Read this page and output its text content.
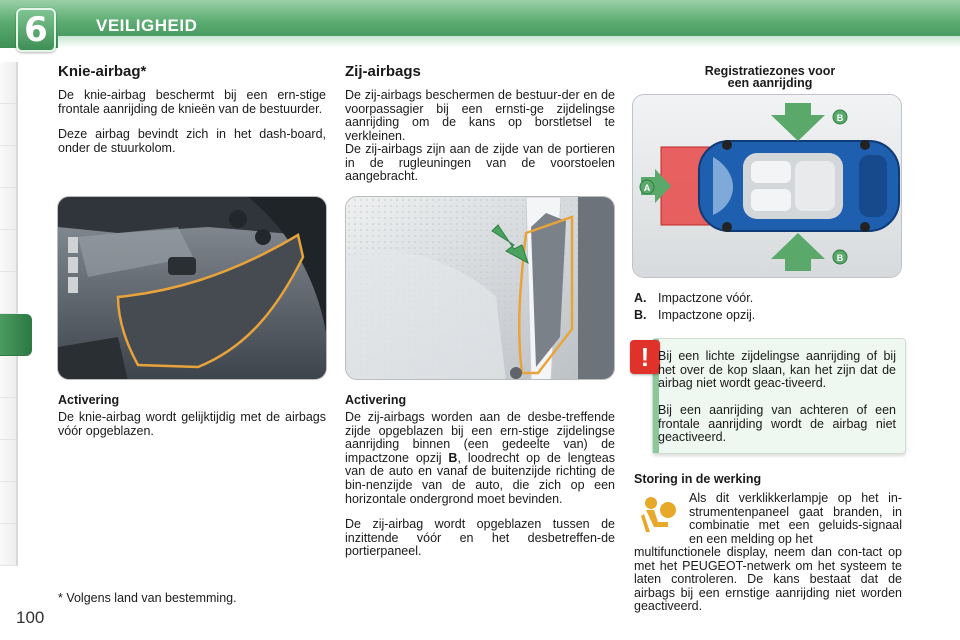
6	VEILIGHEID
Knie-airbag*
De knie-airbag beschermt bij een ern-stige frontale aanrijding de knieën van de bestuurder.
Deze airbag bevindt zich in het dash-board, onder de stuurkolom.
Activering
De knie-airbag wordt gelijktijdig met de airbags vóór opgeblazen.
* Volgens land van bestemming.
Zij-airbags
De zij-airbags beschermen de bestuur-der en de voorpassagier bij een ernsti-ge zijdelingse aanrijding om de kans op borstletsel te verkleinen.
De zij-airbags zijn aan de zijde van de portieren in de rugleuningen van de voorstoelen aangebracht.
Activering
De zij-airbags worden aan de desbe-treffende zijde opgeblazen bij een ern-stige zijdelingse aanrijding binnen (een gedeelte van) de impactzone opzij B, loodrecht op de lengteas van de auto en vanaf de buitenzijde richting de bin-nenzijde van de auto, die zich op een horizontale ondergrond moet bevinden.
De zij-airbag wordt opgeblazen tussen de inzittende vóór en het desbetreffen-de portierpaneel.
Registratiezones voor
een aanrijding
B
B
A
A. Impactzone vóór.
B. Impactzone opzij.
! Bij een lichte zijdelingse aanrijding of bij het over de kop slaan, kan het zijn dat de airbag niet wordt geac-tiveerd.
Bij een aanrijding van achteren of een frontale aanrijding wordt de airbag niet geactiveerd.
Storing in de werking
Als dit verklikkerlampje op het in-strumentenpaneel gaat branden, in combinatie met een geluids-signaal en een melding op het
multifunctionele display, neem dan con-tact op met het PEUGEOT-netwerk om het systeem te laten controleren. De kans bestaat dat de airbags bij een ernstige aanrijding niet worden geactiveerd.
100
